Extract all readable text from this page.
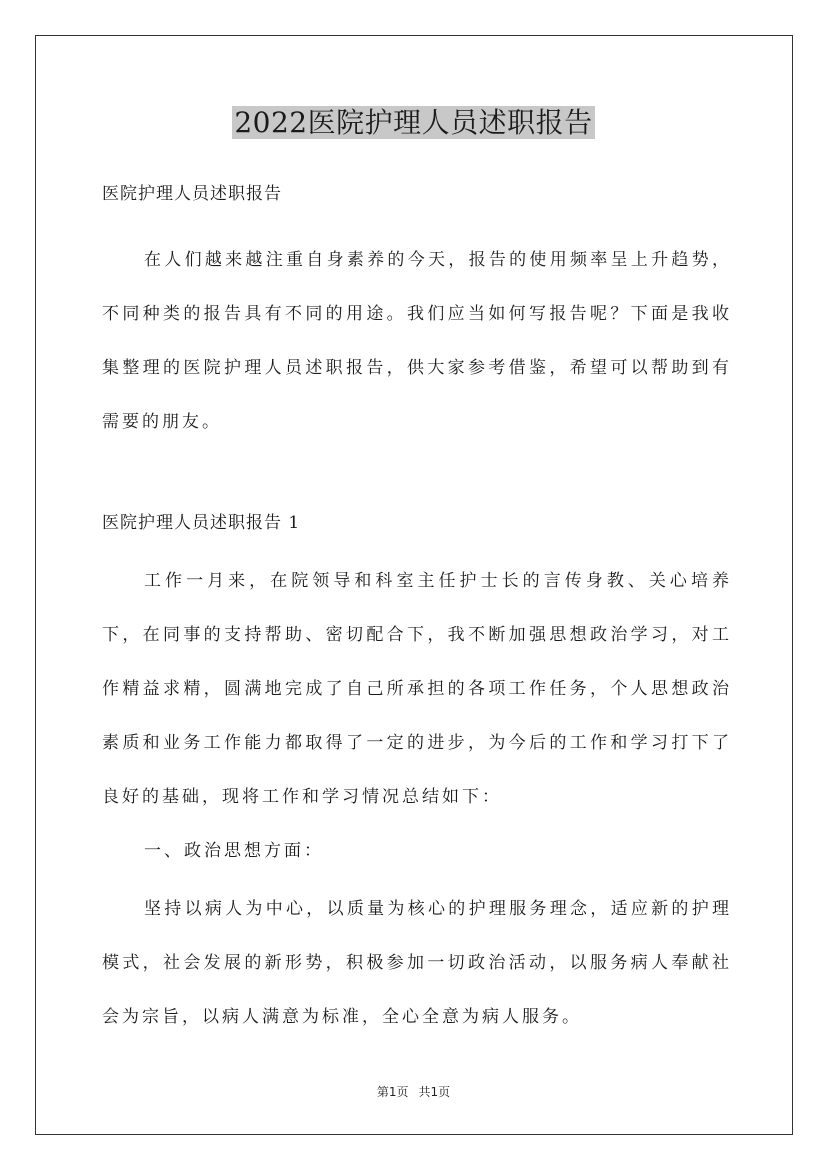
2022医院护理人员述职报告

医院护理人员述职报告

在人们越来越注重自身素养的今天，报告的使用频率呈上升趋势，不同种类的报告具有不同的用途。我们应当如何写报告呢？下面是我收集整理的医院护理人员述职报告，供大家参考借鉴，希望可以帮助到有需要的朋友。

医院护理人员述职报告 1

工作一月来，在院领导和科室主任护士长的言传身教、关心培养下，在同事的支持帮助、密切配合下，我不断加强思想政治学习，对工作精益求精，圆满地完成了自己所承担的各项工作任务，个人思想政治素质和业务工作能力都取得了一定的进步，为今后的工作和学习打下了良好的基础，现将工作和学习情况总结如下：

一、政治思想方面：

坚持以病人为中心，以质量为核心的护理服务理念，适应新的护理模式，社会发展的新形势，积极参加一切政治活动，以服务病人奉献社会为宗旨，以病人满意为标准，全心全意为病人服务。

第1页 共1页
